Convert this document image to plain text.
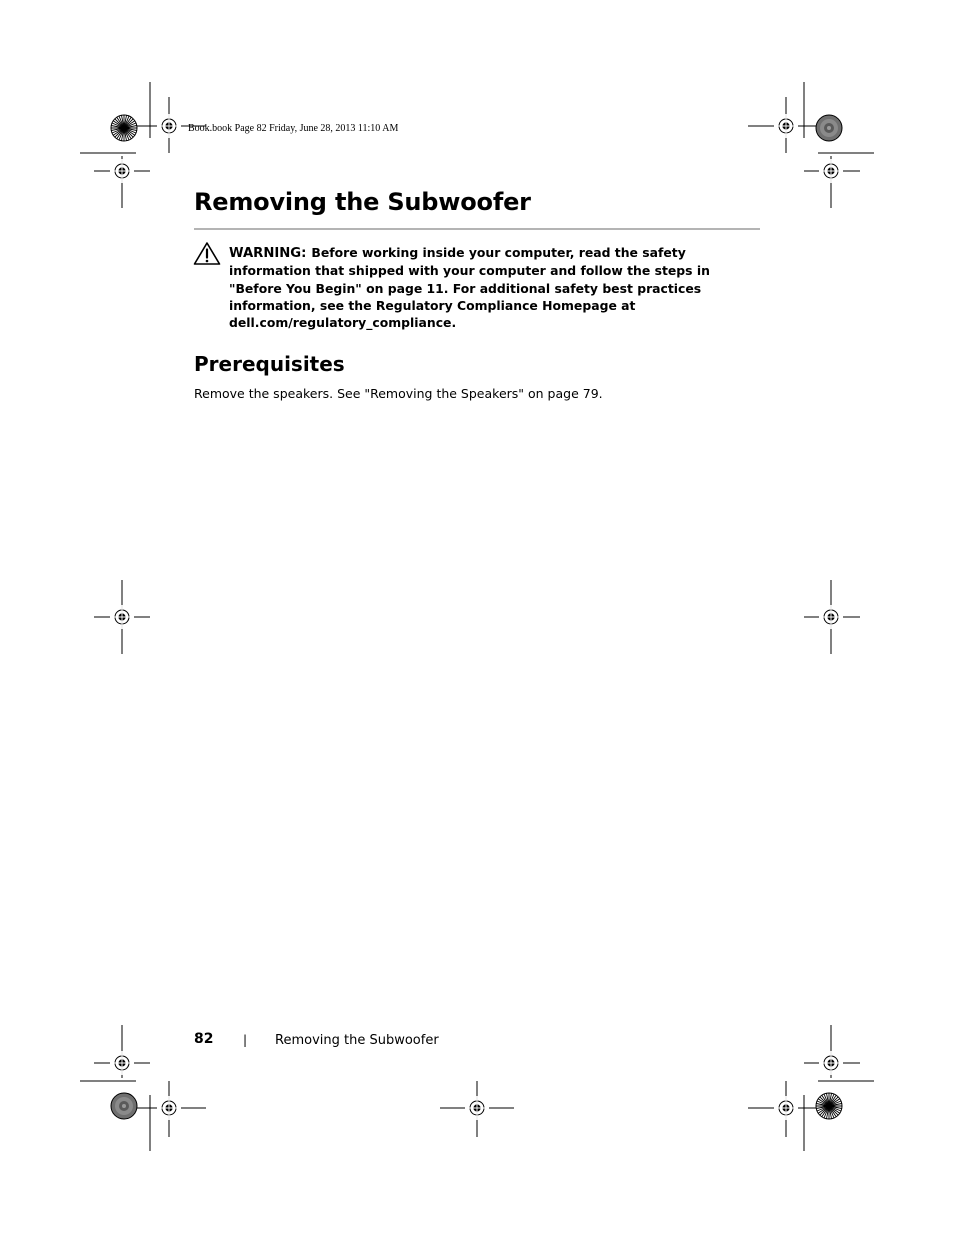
Book.book Page 82 Friday, June 28, 2013 11:10 AM
Removing the Subwoofer
WARNING: Before working inside your computer, read the safety information that shipped with your computer and follow the steps in "Before You Begin" on page 11. For additional safety best practices information, see the Regulatory Compliance Homepage at dell.com/regulatory_compliance.
Prerequisites
Remove the speakers. See "Removing the Speakers" on page 79.
82 | Removing the Subwoofer
